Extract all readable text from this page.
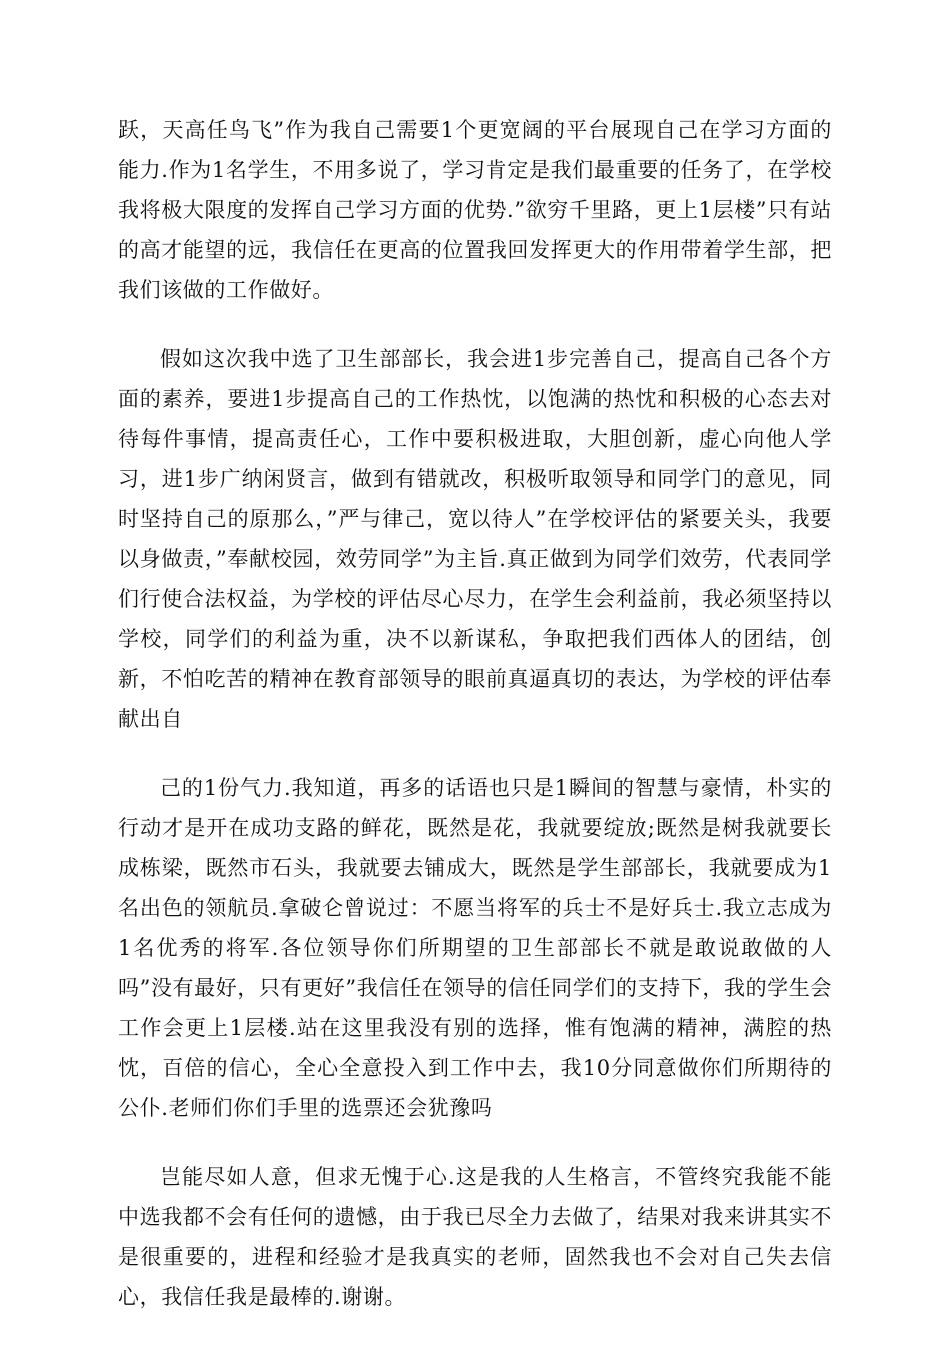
跃，天高任鸟飞”作为我自己需要1个更宽阔的平台展现自己在学习方面的能力.作为1名学生，不用多说了，学习肯定是我们最重要的任务了，在学校我将极大限度的发挥自己学习方面的优势.”欲穷千里路，更上1层楼”只有站的高才能望的远，我信任在更高的位置我回发挥更大的作用带着学生部，把我们该做的工作做好。

假如这次我中选了卫生部部长，我会进1步完善自己，提高自己各个方面的素养，要进1步提高自己的工作热忱，以饱满的热忱和积极的心态去对待每件事情，提高责任心，工作中要积极进取，大胆创新，虚心向他人学习，进1步广纳闲贤言，做到有错就改，积极听取领导和同学门的意见，同时坚持自己的原那么，”严与律己，宽以待人”在学校评估的紧要关头，我要以身做责，”奉献校园，效劳同学”为主旨.真正做到为同学们效劳，代表同学们行使合法权益，为学校的评估尽心尽力，在学生会利益前，我必须坚持以学校，同学们的利益为重，决不以新谋私，争取把我们西体人的团结，创新，不怕吃苦的精神在教育部领导的眼前真逼真切的表达，为学校的评估奉献出自

己的1份气力.我知道，再多的话语也只是1瞬间的智慧与豪情，朴实的行动才是开在成功支路的鲜花，既然是花，我就要绽放;既然是树我就要长成栋梁，既然市石头，我就要去铺成大，既然是学生部部长，我就要成为1名出色的领航员.拿破仑曾说过：不愿当将军的兵士不是好兵士.我立志成为1名优秀的将军.各位领导你们所期望的卫生部部长不就是敢说敢做的人吗”没有最好，只有更好”我信任在领导的信任同学们的支持下，我的学生会工作会更上1层楼.站在这里我没有别的选择，惟有饱满的精神，满腔的热忱，百倍的信心，全心全意投入到工作中去，我10分同意做你们所期待的公仆.老师们你们手里的选票还会犹豫吗

岂能尽如人意，但求无愧于心.这是我的人生格言，不管终究我能不能中选我都不会有任何的遗憾，由于我已尽全力去做了，结果对我来讲其实不是很重要的，进程和经验才是我真实的老师，固然我也不会对自己失去信心，我信任我是最棒的.谢谢。
